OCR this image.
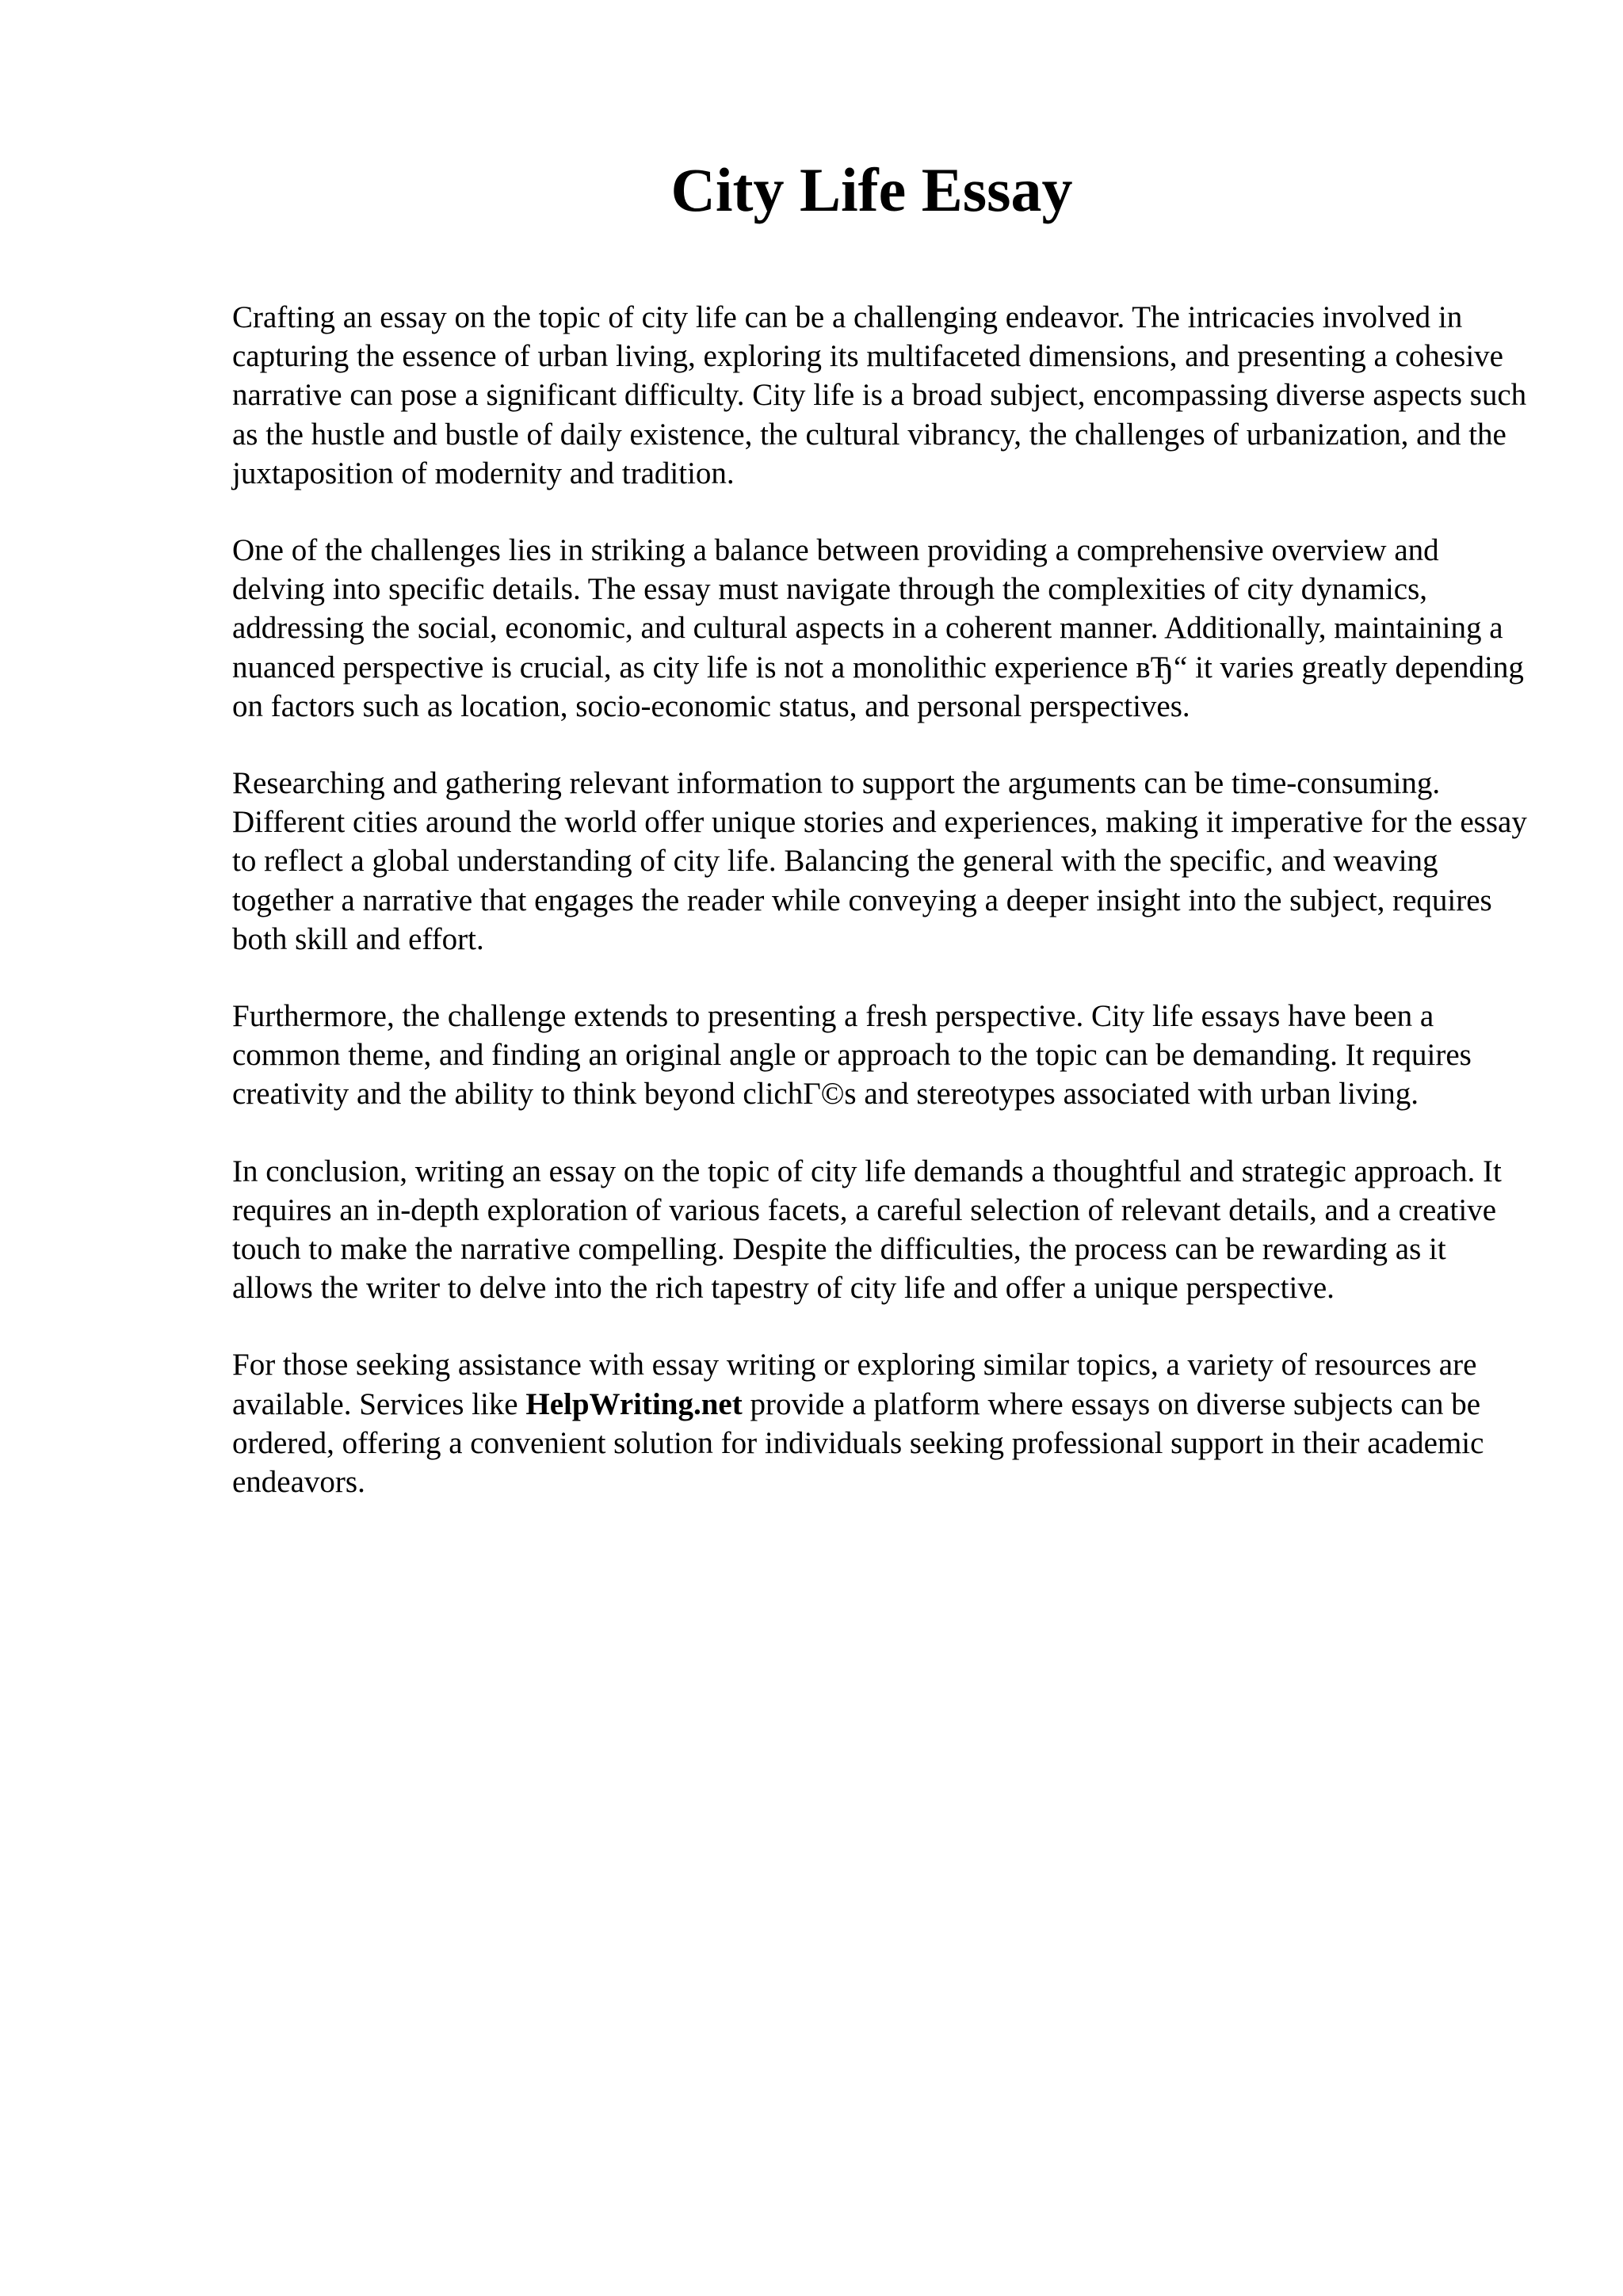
City Life Essay

Crafting an essay on the topic of city life can be a challenging endeavor. The intricacies involved in capturing the essence of urban living, exploring its multifaceted dimensions, and presenting a cohesive narrative can pose a significant difficulty. City life is a broad subject, encompassing diverse aspects such as the hustle and bustle of daily existence, the cultural vibrancy, the challenges of urbanization, and the juxtaposition of modernity and tradition.

One of the challenges lies in striking a balance between providing a comprehensive overview and delving into specific details. The essay must navigate through the complexities of city dynamics, addressing the social, economic, and cultural aspects in a coherent manner. Additionally, maintaining a nuanced perspective is crucial, as city life is not a monolithic experience вЂ“ it varies greatly depending on factors such as location, socio-economic status, and personal perspectives.

Researching and gathering relevant information to support the arguments can be time-consuming. Different cities around the world offer unique stories and experiences, making it imperative for the essay to reflect a global understanding of city life. Balancing the general with the specific, and weaving together a narrative that engages the reader while conveying a deeper insight into the subject, requires both skill and effort.

Furthermore, the challenge extends to presenting a fresh perspective. City life essays have been a common theme, and finding an original angle or approach to the topic can be demanding. It requires creativity and the ability to think beyond clichГ©s and stereotypes associated with urban living.

In conclusion, writing an essay on the topic of city life demands a thoughtful and strategic approach. It requires an in-depth exploration of various facets, a careful selection of relevant details, and a creative touch to make the narrative compelling. Despite the difficulties, the process can be rewarding as it allows the writer to delve into the rich tapestry of city life and offer a unique perspective.

For those seeking assistance with essay writing or exploring similar topics, a variety of resources are available. Services like HelpWriting.net provide a platform where essays on diverse subjects can be ordered, offering a convenient solution for individuals seeking professional support in their academic endeavors.
